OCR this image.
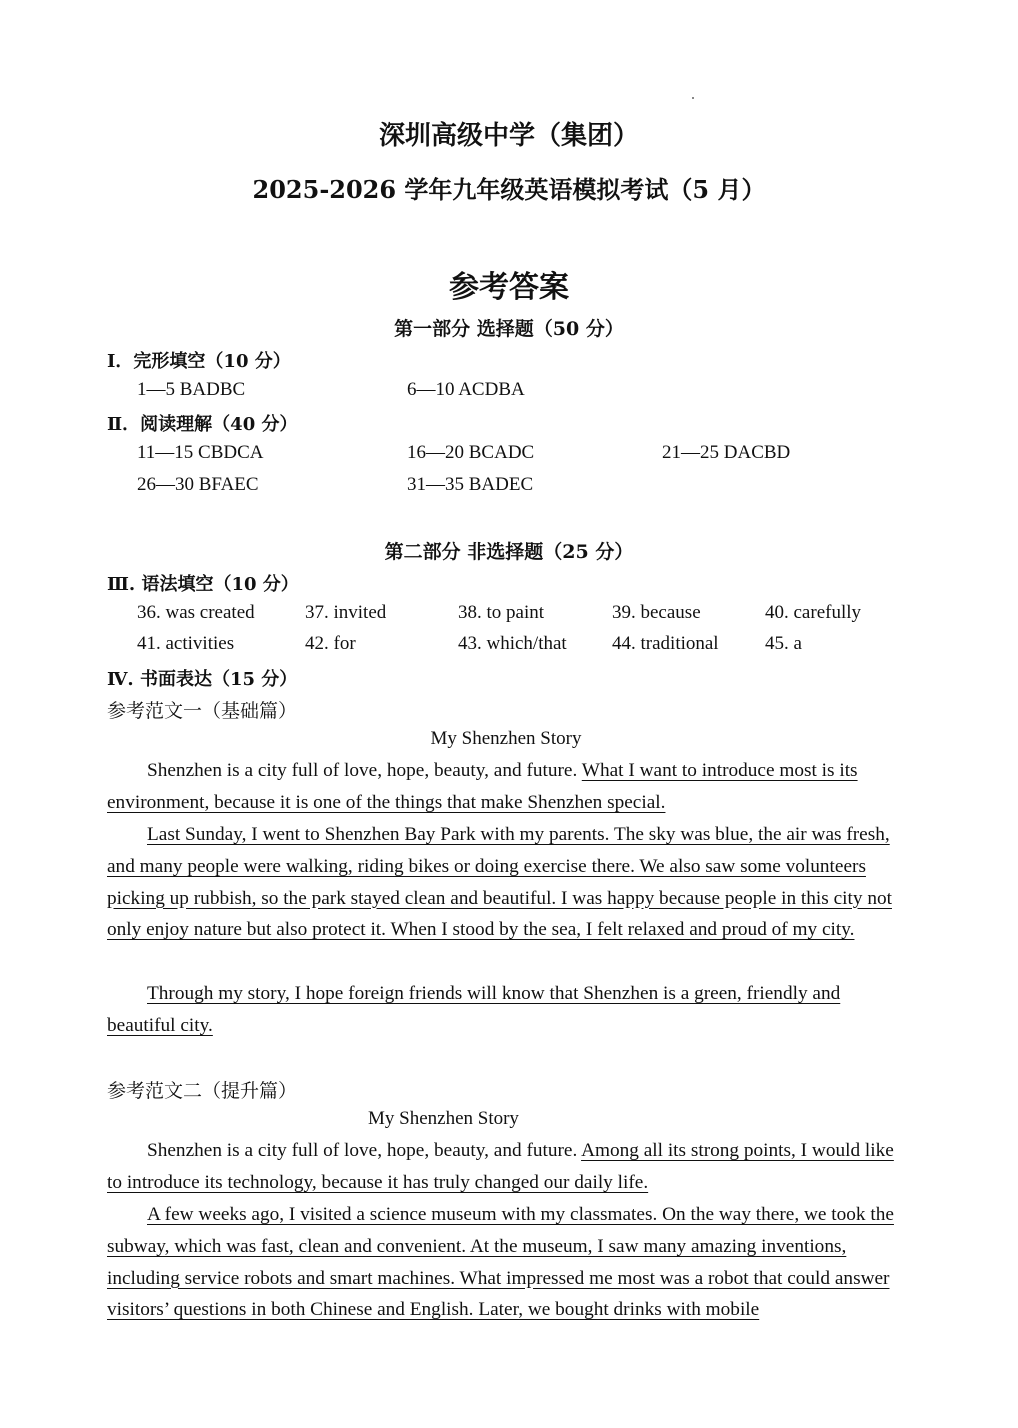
深圳高级中学（集团）
2025-2026 学年九年级英语模拟考试（5 月）
参考答案
第一部分 选择题（50 分）
Ⅰ．完形填空（10 分）
1—5 BADBC	6—10 ACDBA
Ⅱ．阅读理解（40 分）
11—15 CBDCA	16—20 BCADC	21—25 DACBD
26—30 BFAEC	31—35 BADEC
第二部分 非选择题（25 分）
Ⅲ. 语法填空（10 分）
36. was created	37. invited	38. to paint	39. because	40. carefully
41. activities	42. for	43. which/that 44. traditional 45. a
Ⅳ. 书面表达（15 分）
参考范文一（基础篇）
My Shenzhen Story

Shenzhen is a city full of love, hope, beauty, and future. What I want to introduce most is its environment, because it is one of the things that make Shenzhen special.

Last Sunday, I went to Shenzhen Bay Park with my parents. The sky was blue, the air was fresh, and many people were walking, riding bikes or doing exercise there. We also saw some volunteers picking up rubbish, so the park stayed clean and beautiful. I was happy because people in this city not only enjoy nature but also protect it. When I stood by the sea, I felt relaxed and proud of my city.

Through my story, I hope foreign friends will know that Shenzhen is a green, friendly and beautiful city.

参考范文二（提升篇）
My Shenzhen Story

Shenzhen is a city full of love, hope, beauty, and future. Among all its strong points, I would like to introduce its technology, because it has truly changed our daily life.

A few weeks ago, I visited a science museum with my classmates. On the way there, we took the subway, which was fast, clean and convenient. At the museum, I saw many amazing inventions, including service robots and smart machines. What impressed me most was a robot that could answer visitors’ questions in both Chinese and English. Later, we bought drinks with mobile
